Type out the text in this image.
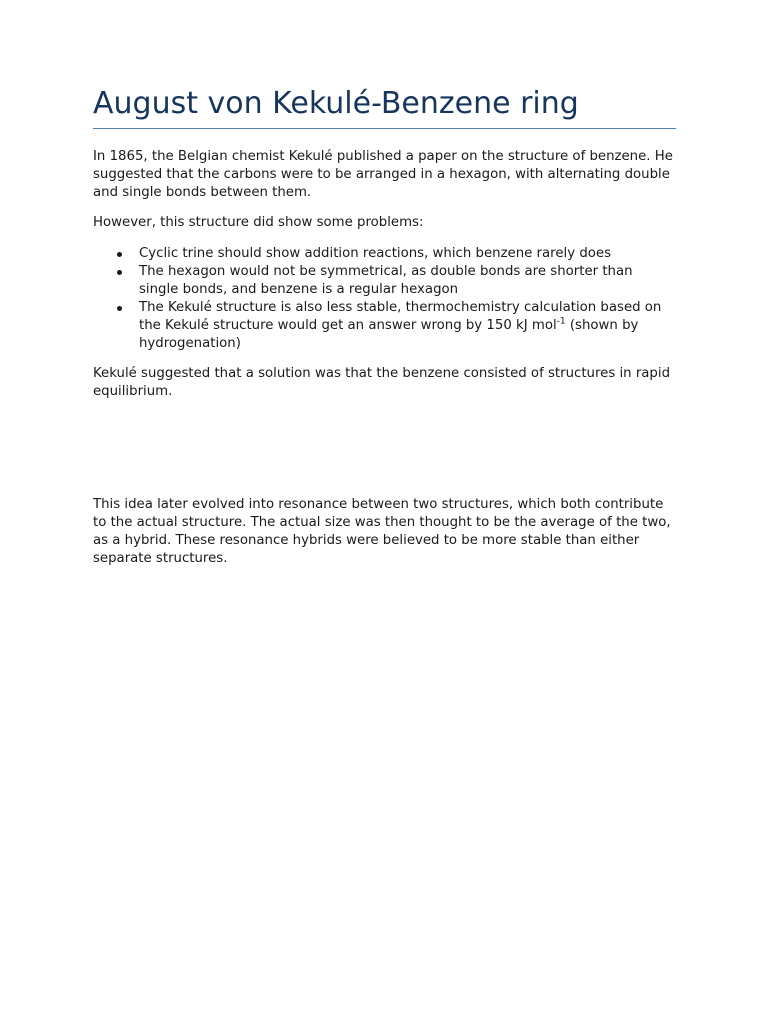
August von Kekulé-Benzene ring

In 1865, the Belgian chemist Kekulé published a paper on the structure of benzene. He suggested that the carbons were to be arranged in a hexagon, with alternating double and single bonds between them.

However, this structure did show some problems:

Cyclic trine should show addition reactions, which benzene rarely does
The hexagon would not be symmetrical, as double bonds are shorter than single bonds, and benzene is a regular hexagon
The Kekulé structure is also less stable, thermochemistry calculation based on the Kekulé structure would get an answer wrong by 150 kJ mol$^{-1}$ (shown by hydrogenation)

Kekulé suggested that a solution was that the benzene consisted of structures in rapid equilibrium.

This idea later evolved into resonance between two structures, which both contribute to the actual structure. The actual size was then thought to be the average of the two, as a hybrid. These resonance hybrids were believed to be more stable than either separate structures.
